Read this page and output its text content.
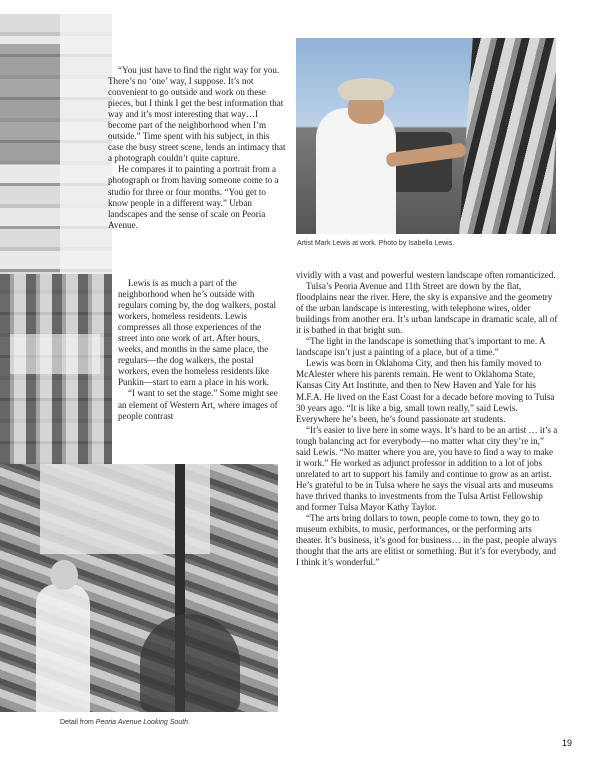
Artist Mark Lewis at work. Photo by Isabella Lewis.

“You just have to find the right way for you. There’s no ‘one’ way, I suppose. It’s not convenient to go outside and work on these pieces, but I think I get the best information that way and it’s most interesting that way…I become part of the neighborhood when I’m outside.” Time spent with his subject, in this case the busy street scene, lends an intimacy that a photograph couldn’t quite capture.

He compares it to painting a portrait from a photograph or from having someone come to a studio for three or four months. “You get to know people in a different way.” Urban landscapes and the sense of scale on Peoria Avenue.

Lewis is as much a part of the neighborhood when he’s outside with regulars coming by, the dog walkers, postal workers, homeless residents. Lewis compresses all those experiences of the street into one work of art. After hours, weeks, and months in the same place, the regulars—the dog walkers, the postal workers, even the homeless residents like Punkin—start to earn a place in his work.

“I want to set the stage.” Some might see an element of Western Art, where images of people contrast

vividly with a vast and powerful western landscape often romanticized.

Tulsa’s Peoria Avenue and 11th Street are down by the flat, floodplains near the river. Here, the sky is expansive and the geometry of the urban landscape is interesting, with telephone wires, older buildings from another era. It’s urban landscape in dramatic scale, all of it is bathed in that bright sun.

“The light in the landscape is something that’s important to me. A landscape isn’t just a painting of a place, but of a time.”

Lewis was born in Oklahoma City, and then his family moved to McAlester where his parents remain. He went to Oklahoma State, Kansas City Art Institute, and then to New Haven and Yale for his M.F.A. He lived on the East Coast for a decade before moving to Tulsa 30 years ago. “It is like a big, small town really,” said Lewis. Everywhere he’s been, he’s found passionate art students.

“It’s easier to live here in some ways. It’s hard to be an artist … it’s a tough balancing act for everybody—no matter what city they’re in,” said Lewis. “No matter where you are, you have to find a way to make it work.” He worked as adjunct professor in addition to a lot of jobs unrelated to art to support his family and continue to grow as an artist. He’s grateful to be in Tulsa where he says the visual arts and museums have thrived thanks to investments from the Tulsa Artist Fellowship and former Tulsa Mayor Kathy Taylor.

“The arts bring dollars to town, people come to town, they go to museum exhibits, to music, performances, or the performing arts theater. It’s business, it’s good for business… in the past, people always thought that the arts are elitist or something. But it’s for everybody, and I think it’s wonderful.”

Detail from Peoria Avenue Looking South.
19
